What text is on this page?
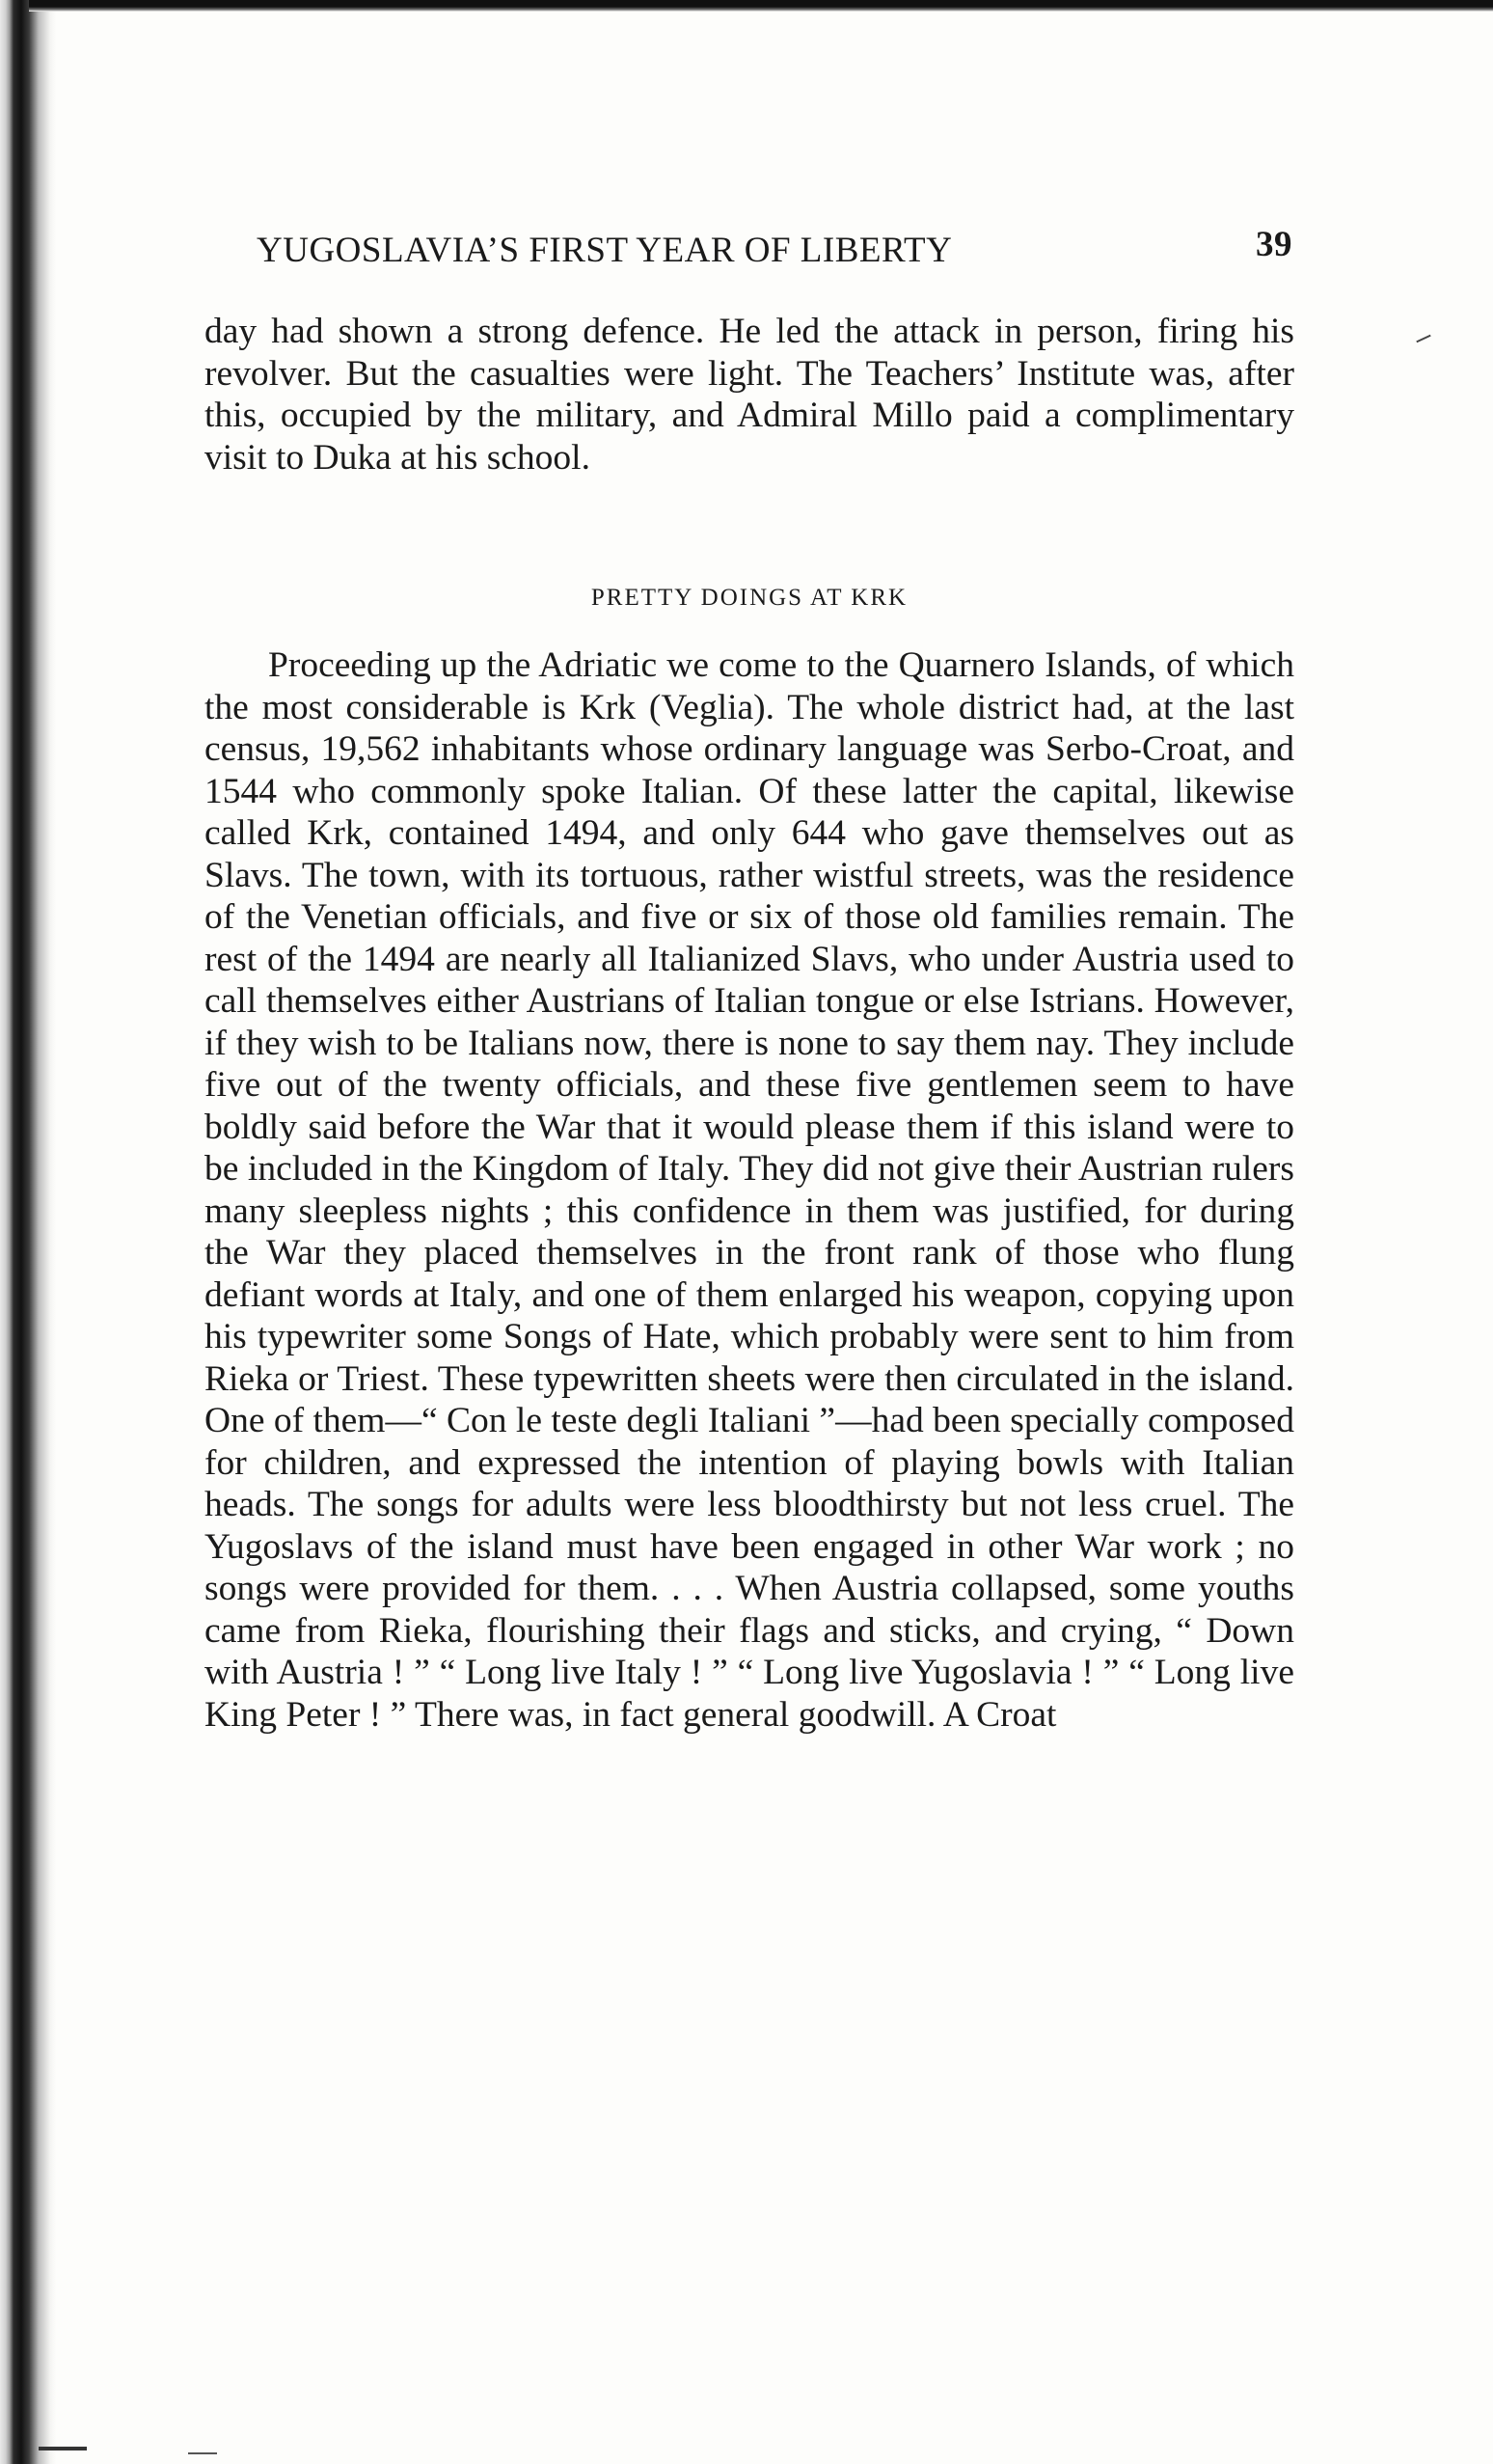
YUGOSLAVIA’S FIRST YEAR OF LIBERTY	39

day had shown a strong defence. He led the attack in person, firing his revolver. But the casualties were light. The Teachers’ Institute was, after this, occupied by the military, and Admiral Millo paid a complimentary visit to Duka at his school.

PRETTY DOINGS AT KRK

Proceeding up the Adriatic we come to the Quarnero Islands, of which the most considerable is Krk (Veglia). The whole district had, at the last census, 19,562 inhabitants whose ordinary language was Serbo-Croat, and 1544 who commonly spoke Italian. Of these latter the capital, likewise called Krk, contained 1494, and only 644 who gave themselves out as Slavs. The town, with its tortuous, rather wistful streets, was the residence of the Venetian officials, and five or six of those old families remain. The rest of the 1494 are nearly all Italianized Slavs, who under Austria used to call themselves either Austrians of Italian tongue or else Istrians. However, if they wish to be Italians now, there is none to say them nay. They include five out of the twenty officials, and these five gentlemen seem to have boldly said before the War that it would please them if this island were to be included in the Kingdom of Italy. They did not give their Austrian rulers many sleepless nights ; this confidence in them was justified, for during the War they placed themselves in the front rank of those who flung defiant words at Italy, and one of them enlarged his weapon, copying upon his typewriter some Songs of Hate, which probably were sent to him from Rieka or Triest. These typewritten sheets were then circulated in the island. One of them—“ Con le teste degli Italiani ”—had been specially composed for children, and expressed the intention of playing bowls with Italian heads. The songs for adults were less bloodthirsty but not less cruel. The Yugoslavs of the island must have been engaged in other War work ; no songs were provided for them. . . . When Austria collapsed, some youths came from Rieka, flourishing their flags and sticks, and crying, “ Down with Austria ! ” “ Long live Italy ! ” “ Long live Yugoslavia ! ” “ Long live King Peter ! ” There was, in fact general goodwill. A Croat
